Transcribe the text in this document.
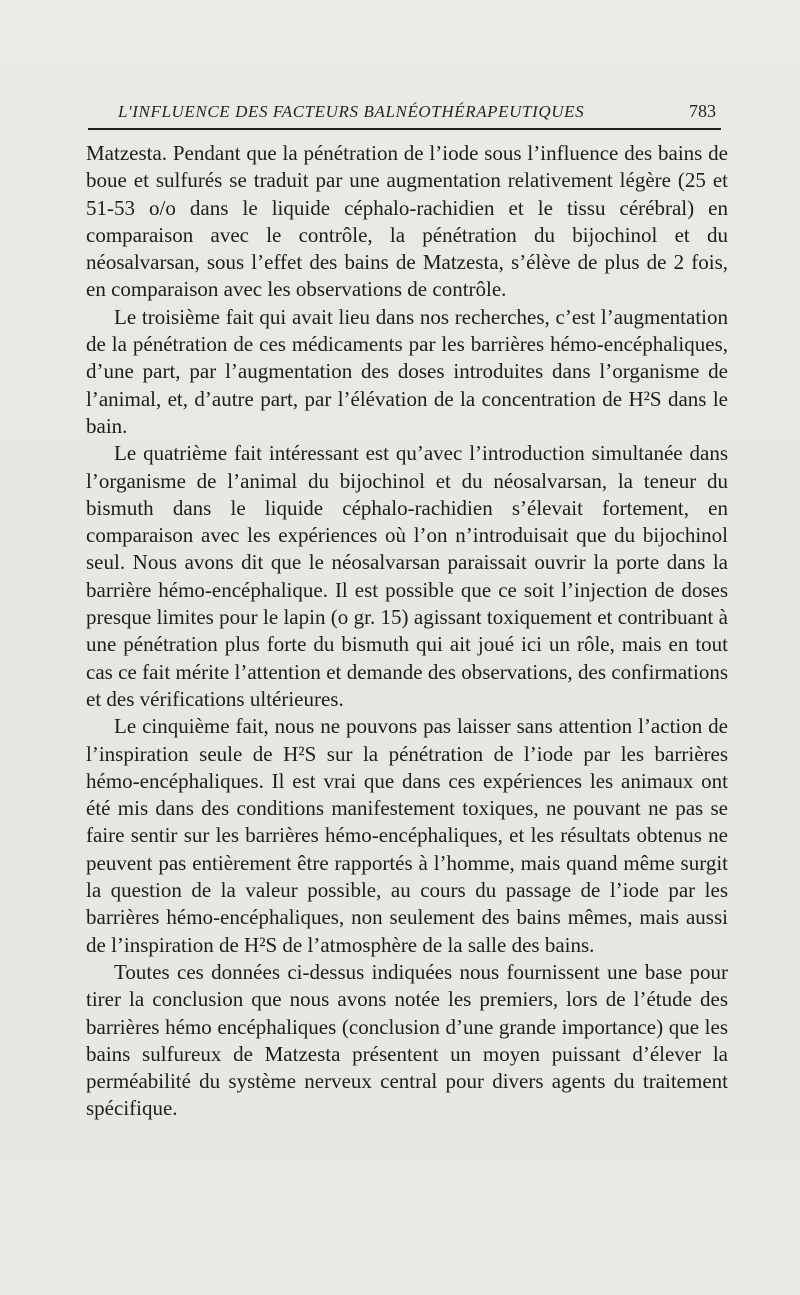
L'INFLUENCE DES FACTEURS BALNÉOTHÉRAPEUTIQUES	783

Matzesta. Pendant que la pénétration de l’iode sous l’influence des bains de boue et sulfurés se traduit par une augmentation relativement légère (25 et 51-53 o/o dans le liquide céphalo-rachidien et le tissu cérébral) en comparaison avec le contrôle, la pénétration du bijochinol et du néosalvarsan, sous l’effet des bains de Matzesta, s’élève de plus de 2 fois, en comparaison avec les observations de contrôle.

Le troisième fait qui avait lieu dans nos recherches, c’est l’augmentation de la pénétration de ces médicaments par les barrières hémo-encéphaliques, d’une part, par l’augmentation des doses introduites dans l’organisme de l’animal, et, d’autre part, par l’élévation de la concentration de H²S dans le bain.

Le quatrième fait intéressant est qu’avec l’introduction simultanée dans l’organisme de l’animal du bijochinol et du néosalvarsan, la teneur du bismuth dans le liquide céphalo-rachidien s’élevait fortement, en comparaison avec les expériences où l’on n’introduisait que du bijochinol seul. Nous avons dit que le néosalvarsan paraissait ouvrir la porte dans la barrière hémo-encéphalique. Il est possible que ce soit l’injection de doses presque limites pour le lapin (o gr. 15) agissant toxiquement et contribuant à une pénétration plus forte du bismuth qui ait joué ici un rôle, mais en tout cas ce fait mérite l’attention et demande des observations, des confirmations et des vérifications ultérieures.

Le cinquième fait, nous ne pouvons pas laisser sans attention l’action de l’inspiration seule de H²S sur la pénétration de l’iode par les barrières hémo-encéphaliques. Il est vrai que dans ces expériences les animaux ont été mis dans des conditions manifestement toxiques, ne pouvant ne pas se faire sentir sur les barrières hémo-encéphaliques, et les résultats obtenus ne peuvent pas entièrement être rapportés à l’homme, mais quand même surgit la question de la valeur possible, au cours du passage de l’iode par les barrières hémo-encéphaliques, non seulement des bains mêmes, mais aussi de l’inspiration de H²S de l’atmosphère de la salle des bains.

Toutes ces données ci-dessus indiquées nous fournissent une base pour tirer la conclusion que nous avons notée les premiers, lors de l’étude des barrières hémo encéphaliques (conclusion d’une grande importance) que les bains sulfureux de Matzesta présentent un moyen puissant d’élever la perméabilité du système nerveux central pour divers agents du traitement spécifique.
